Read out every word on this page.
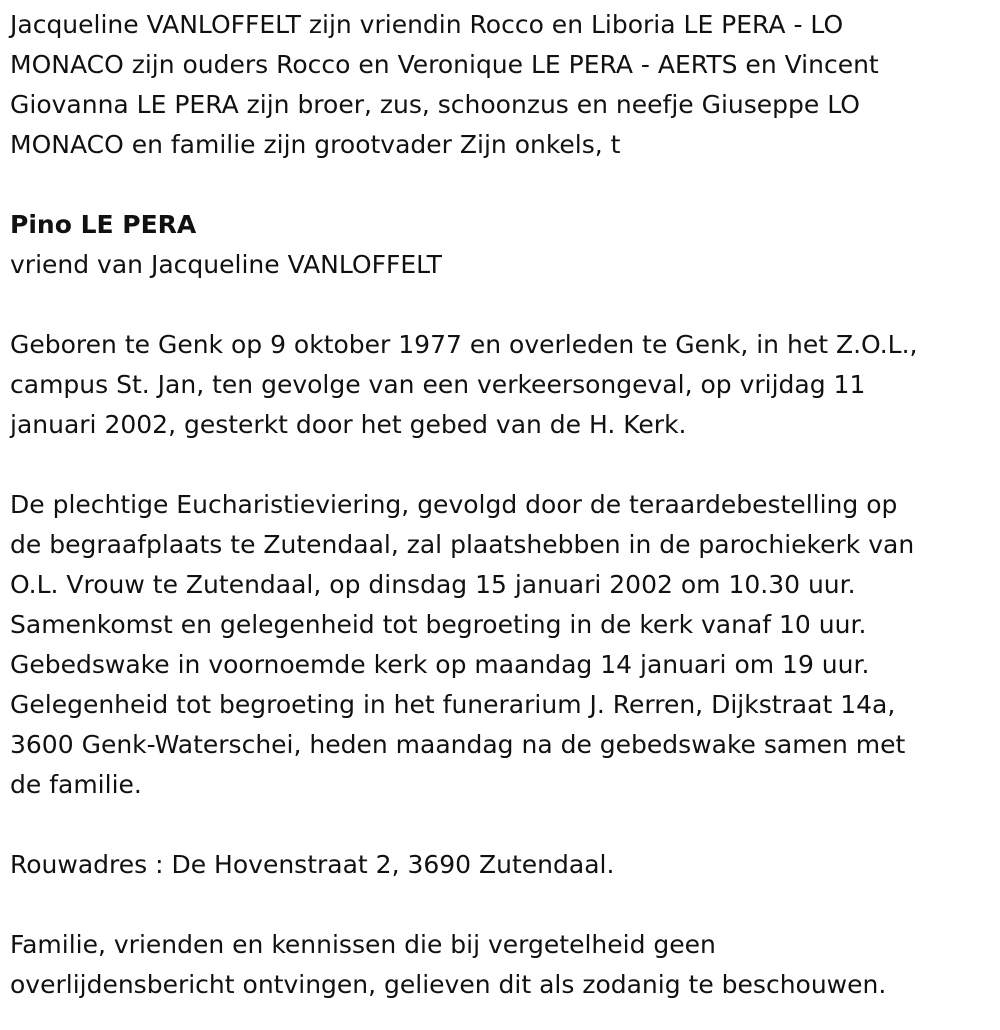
Jacqueline VANLOFFELT zijn vriendin Rocco en Liboria LE PERA - LO
MONACO zijn ouders Rocco en Veronique LE PERA - AERTS en Vincent
Giovanna LE PERA zijn broer, zus, schoonzus en neefje Giuseppe LO
MONACO en familie zijn grootvader Zijn onkels, t

Pino LE PERA

vriend van Jacqueline VANLOFFELT

Geboren te Genk op 9 oktober 1977 en overleden te Genk, in het Z.O.L.,
campus St. Jan, ten gevolge van een verkeersongeval, op vrijdag 11
januari 2002, gesterkt door het gebed van de H. Kerk.

De plechtige Eucharistieviering, gevolgd door de teraardebestelling op
de begraafplaats te Zutendaal, zal plaatshebben in de parochiekerk van
O.L. Vrouw te Zutendaal, op dinsdag 15 januari 2002 om 10.30 uur.
Samenkomst en gelegenheid tot begroeting in de kerk vanaf 10 uur.
Gebedswake in voornoemde kerk op maandag 14 januari om 19 uur.
Gelegenheid tot begroeting in het funerarium J. Rerren, Dijkstraat 14a,
3600 Genk-Waterschei, heden maandag na de gebedswake samen met
de familie.

Rouwadres : De Hovenstraat 2, 3690 Zutendaal.

Familie, vrienden en kennissen die bij vergetelheid geen
overlijdensbericht ontvingen, gelieven dit als zodanig te beschouwen.
